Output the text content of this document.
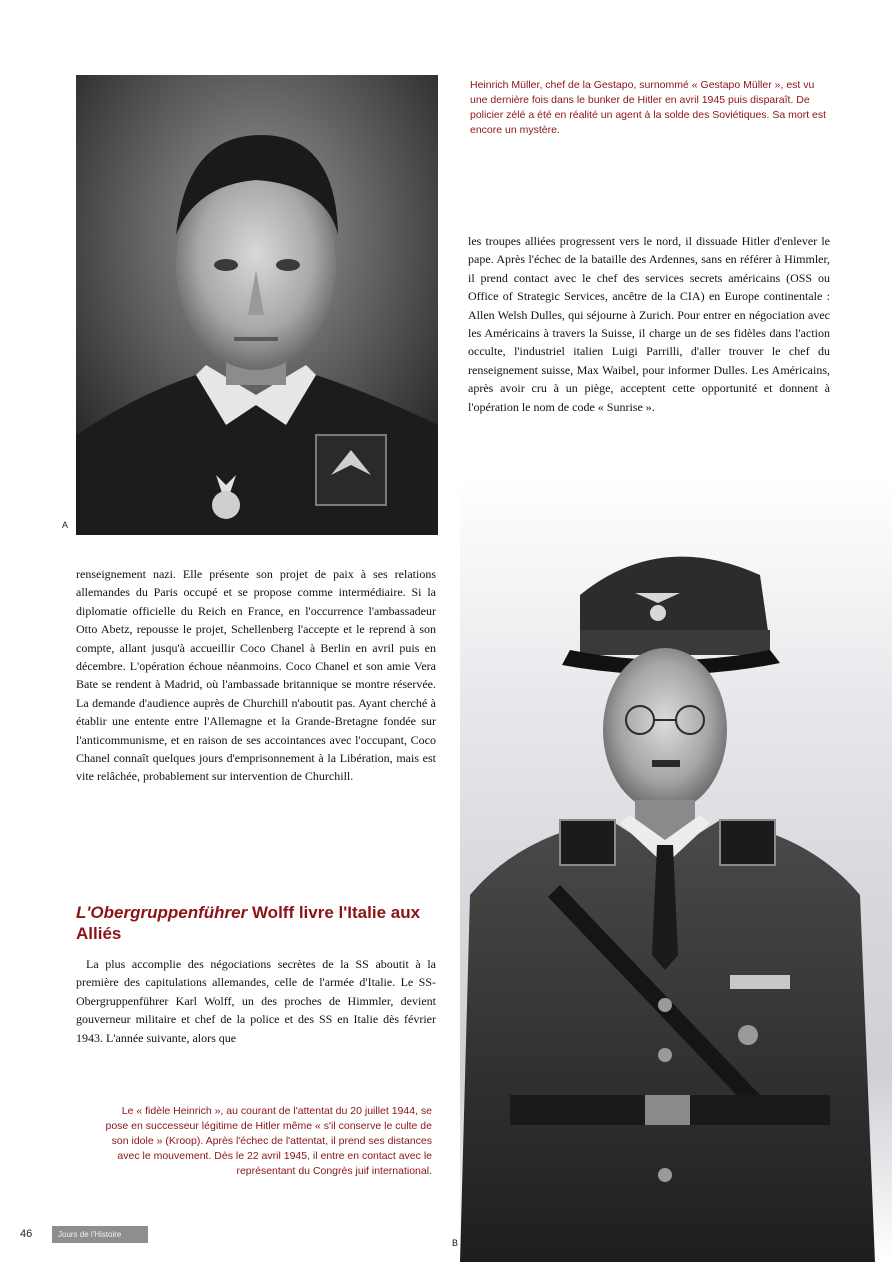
A
Heinrich Müller, chef de la Gestapo, surnommé « Gestapo Müller », est vu une dernière fois dans le bunker de Hitler en avril 1945 puis disparaît. De policier zélé a été en réalité un agent à la solde des Soviétiques. Sa mort est encore un mystère.
les troupes alliées progressent vers le nord, il dissuade Hitler d'enlever le pape. Après l'échec de la bataille des Ardennes, sans en référer à Himmler, il prend contact avec le chef des services secrets américains (OSS ou Office of Strategic Services, ancêtre de la CIA) en Europe continentale : Allen Welsh Dulles, qui séjourne à Zurich. Pour entrer en négociation avec les Américains à travers la Suisse, il charge un de ses fidèles dans l'action occulte, l'industriel italien Luigi Parrilli, d'aller trouver le chef du renseignement suisse, Max Waibel, pour informer Dulles. Les Américains, après avoir cru à un piège, acceptent cette opportunité et donnent à l'opération le nom de code « Sunrise ».
renseignement nazi. Elle présente son projet de paix à ses relations allemandes du Paris occupé et se propose comme intermédiaire. Si la diplomatie officielle du Reich en France, en l'occurrence l'ambassadeur Otto Abetz, repousse le projet, Schellenberg l'accepte et le reprend à son compte, allant jusqu'à accueillir Coco Chanel à Berlin en avril puis en décembre. L'opération échoue néanmoins. Coco Chanel et son amie Vera Bate se rendent à Madrid, où l'ambassade britannique se montre réservée. La demande d'audience auprès de Churchill n'aboutit pas. Ayant cherché à établir une entente entre l'Allemagne et la Grande-Bretagne fondée sur l'anticommunisme, et en raison de ses accointances avec l'occupant, Coco Chanel connaît quelques jours d'emprisonnement à la Libération, mais est vite relâchée, probablement sur intervention de Churchill.
L'Obergruppenführer Wolff livre l'Italie aux Alliés
La plus accomplie des négociations secrètes de la SS aboutit à la première des capitulations allemandes, celle de l'armée d'Italie. Le SS-Obergruppenführer Karl Wolff, un des proches de Himmler, devient gouverneur militaire et chef de la police et des SS en Italie dès février 1943. L'année suivante, alors que
B
Le « fidèle Heinrich », au courant de l'attentat du 20 juillet 1944, se pose en successeur légitime de Hitler même « s'il conserve le culte de son idole » (Kroop). Après l'échec de l'attentat, il prend ses distances avec le mouvement. Dès le 22 avril 1945, il entre en contact avec le représentant du Congrès juif international.
46	Jours de l'Histoire
